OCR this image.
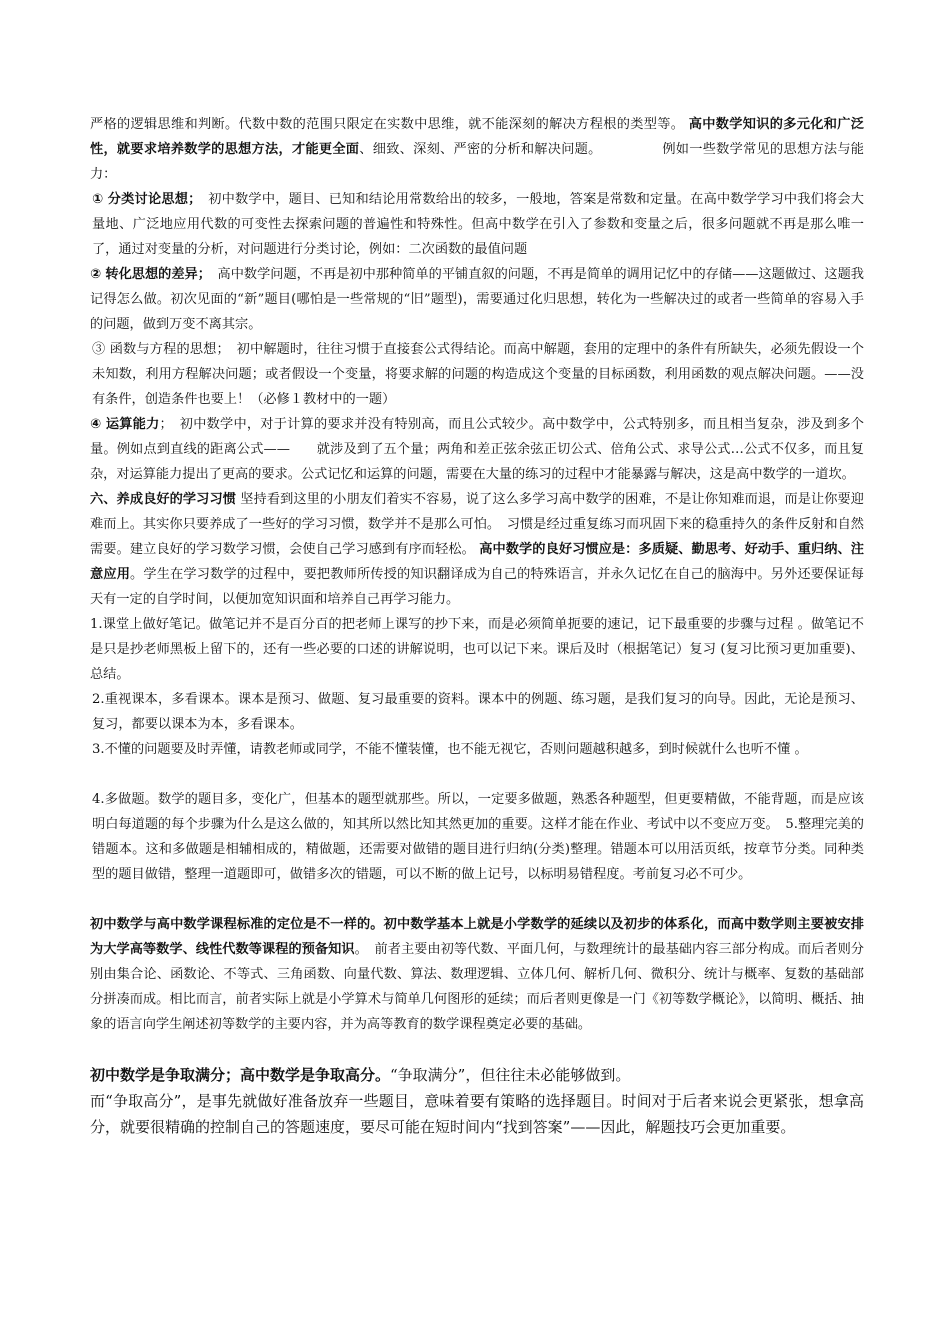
严格的逻辑思维和判断。代数中数的范围只限定在实数中思维，就不能深刻的解决方程根的类型等。 高中数学知识的多元化和广泛性，就要求培养数学的思想方法，才能更全面、细致、深刻、严密的分析和解决问题。　　　　　例如一些数学常见的思想方法与能力：

① 分类讨论思想；　初中数学中，题目、已知和结论用常数给出的较多，一般地，答案是常数和定量。在高中数学学习中我们将会大量地、广泛地应用代数的可变性去探索问题的普遍性和特殊性。但高中数学在引入了参数和变量之后，很多问题就不再是那么唯一了，通过对变量的分析，对问题进行分类讨论，例如：二次函数的最值问题

② 转化思想的差异；　高中数学问题，不再是初中那种简单的平铺直叙的问题，不再是简单的调用记忆中的存储——这题做过、这题我记得怎么做。初次见面的“新”题目(哪怕是一些常规的“旧”题型)，需要通过化归思想，转化为一些解决过的或者一些简单的容易入手的问题，做到万变不离其宗。

③ 函数与方程的思想；　初中解题时，往往习惯于直接套公式得结论。而高中解题，套用的定理中的条件有所缺失，必须先假设一个未知数，利用方程解决问题；或者假设一个变量，将要求解的问题的构造成这个变量的目标函数，利用函数的观点解决问题。——没有条件，创造条件也要上！（必修１教材中的一题）

④ 运算能力；　初中数学中，对于计算的要求并没有特别高，而且公式较少。高中数学中，公式特别多，而且相当复杂，涉及到多个量。例如点到直线的距离公式——　　就涉及到了五个量；两角和差正弦余弦正切公式、倍角公式、求导公式…公式不仅多，而且复杂，对运算能力提出了更高的要求。公式记忆和运算的问题，需要在大量的练习的过程中才能暴露与解决，这是高中数学的一道坎。

六、养成良好的学习习惯 坚持看到这里的小朋友们着实不容易，说了这么多学习高中数学的困难，不是让你知难而退，而是让你要迎难而上。其实你只要养成了一些好的学习习惯，数学并不是那么可怕。　习惯是经过重复练习而巩固下来的稳重持久的条件反射和自然需要。建立良好的学习数学习惯，会使自己学习感到有序而轻松。 高中数学的良好习惯应是：多质疑、勤思考、好动手、重归纳、注意应用。学生在学习数学的过程中，要把教师所传授的知识翻译成为自己的特殊语言，并永久记忆在自己的脑海中。另外还要保证每天有一定的自学时间，以便加宽知识面和培养自己再学习能力。

1.课堂上做好笔记。做笔记并不是百分百的把老师上课写的抄下来，而是必须简单扼要的速记，记下最重要的步骤与过程 。做笔记不是只是抄老师黑板上留下的，还有一些必要的口述的讲解说明，也可以记下来。课后及时（根据笔记）复习 (复习比预习更加重要)、总结。

2.重视课本，多看课本。课本是预习、做题、复习最重要的资料。课本中的例题、练习题，是我们复习的向导。因此，无论是预习、复习，都要以课本为本，多看课本。

3.不懂的问题要及时弄懂，请教老师或同学，不能不懂装懂，也不能无视它，否则问题越积越多，到时候就什么也听不懂 。

4.多做题。数学的题目多，变化广，但基本的题型就那些。所以，一定要多做题，熟悉各种题型，但更要精做，不能背题，而是应该明白每道题的每个步骤为什么是这么做的，知其所以然比知其然更加的重要。这样才能在作业、考试中以不变应万变。　5.整理完美的错题本。这和多做题是相辅相成的，精做题，还需要对做错的题目进行归纳(分类)整理。错题本可以用活页纸，按章节分类。同种类型的题目做错，整理一道题即可，做错多次的错题，可以不断的做上记号，以标明易错程度。考前复习必不可少。

初中数学与高中数学课程标准的定位是不一样的。初中数学基本上就是小学数学的延续以及初步的体系化，而高中数学则主要被安排为大学高等数学、线性代数等课程的预备知识。　前者主要由初等代数、平面几何，与数理统计的最基础内容三部分构成。而后者则分别由集合论、函数论、不等式、三角函数、向量代数、算法、数理逻辑、立体几何、解析几何、微积分、统计与概率、复数的基础部分拼凑而成。相比而言，前者实际上就是小学算术与简单几何图形的延续；而后者则更像是一门《初等数学概论》，以简明、概括、抽象的语言向学生阐述初等数学的主要内容，并为高等教育的数学课程奠定必要的基础。

初中数学是争取满分；高中数学是争取高分。“争取满分”，但往往未必能够做到。

而“争取高分”，是事先就做好准备放弃一些题目，意味着要有策略的选择题目。时间对于后者来说会更紧张，想拿高分，就要很精确的控制自己的答题速度，要尽可能在短时间内“找到答案”——因此，解题技巧会更加重要。
